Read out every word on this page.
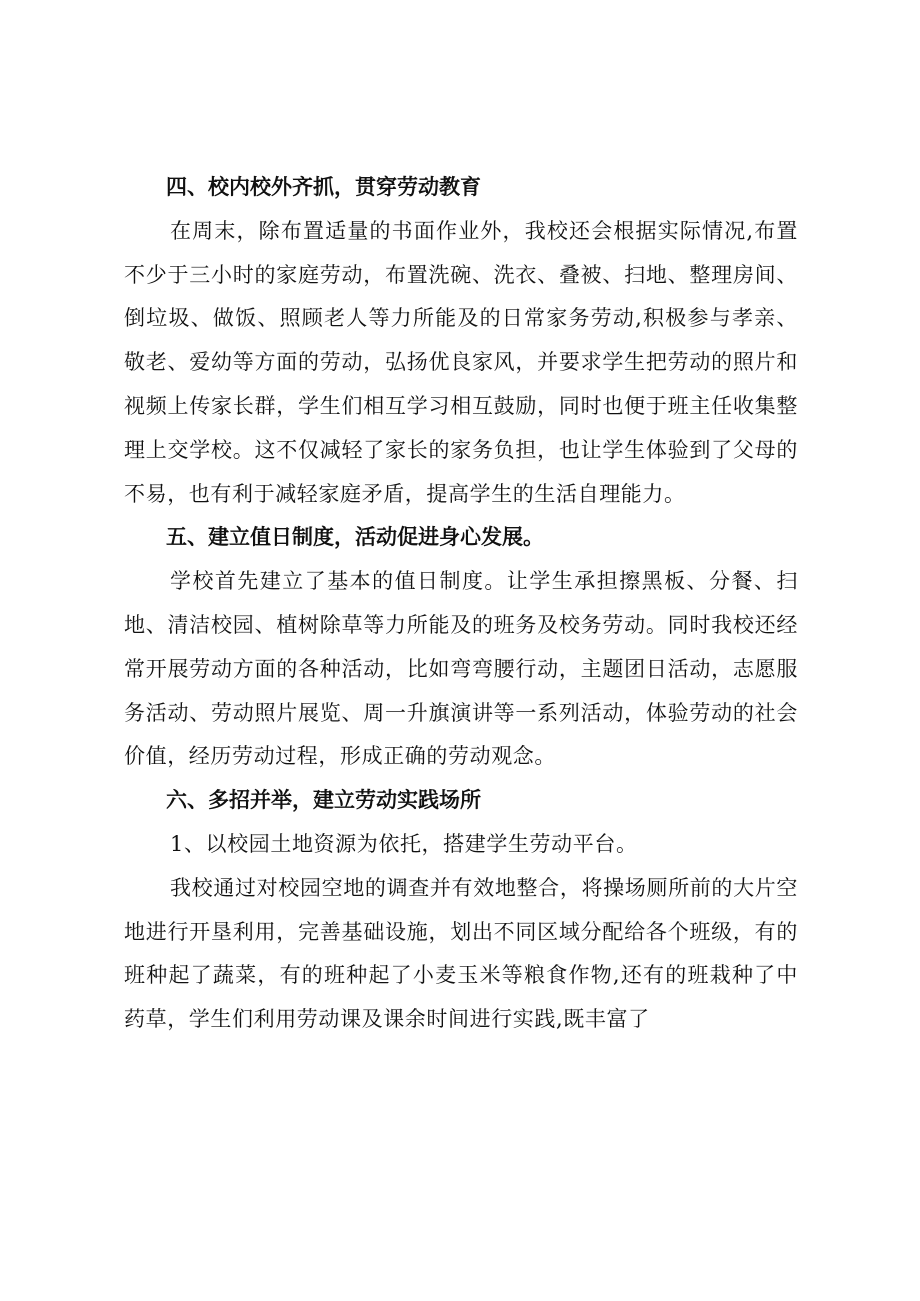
四、校内校外齐抓，贯穿劳动教育

在周末，除布置适量的书面作业外，我校还会根据实际情况,布置不少于三小时的家庭劳动，布置洗碗、洗衣、叠被、扫地、整理房间、倒垃圾、做饭、照顾老人等力所能及的日常家务劳动,积极参与孝亲、敬老、爱幼等方面的劳动，弘扬优良家风，并要求学生把劳动的照片和视频上传家长群，学生们相互学习相互鼓励，同时也便于班主任收集整理上交学校。这不仅减轻了家长的家务负担，也让学生体验到了父母的不易，也有利于减轻家庭矛盾，提高学生的生活自理能力。

五、建立值日制度，活动促进身心发展。

学校首先建立了基本的值日制度。让学生承担擦黑板、分餐、扫地、清洁校园、植树除草等力所能及的班务及校务劳动。同时我校还经常开展劳动方面的各种活动，比如弯弯腰行动，主题团日活动，志愿服务活动、劳动照片展览、周一升旗演讲等一系列活动，体验劳动的社会价值，经历劳动过程，形成正确的劳动观念。

六、多招并举，建立劳动实践场所

1、以校园土地资源为依托，搭建学生劳动平台。

我校通过对校园空地的调查并有效地整合，将操场厕所前的大片空地进行开垦利用，完善基础设施，划出不同区域分配给各个班级，有的班种起了蔬菜，有的班种起了小麦玉米等粮食作物,还有的班栽种了中药草，学生们利用劳动课及课余时间进行实践,既丰富了
